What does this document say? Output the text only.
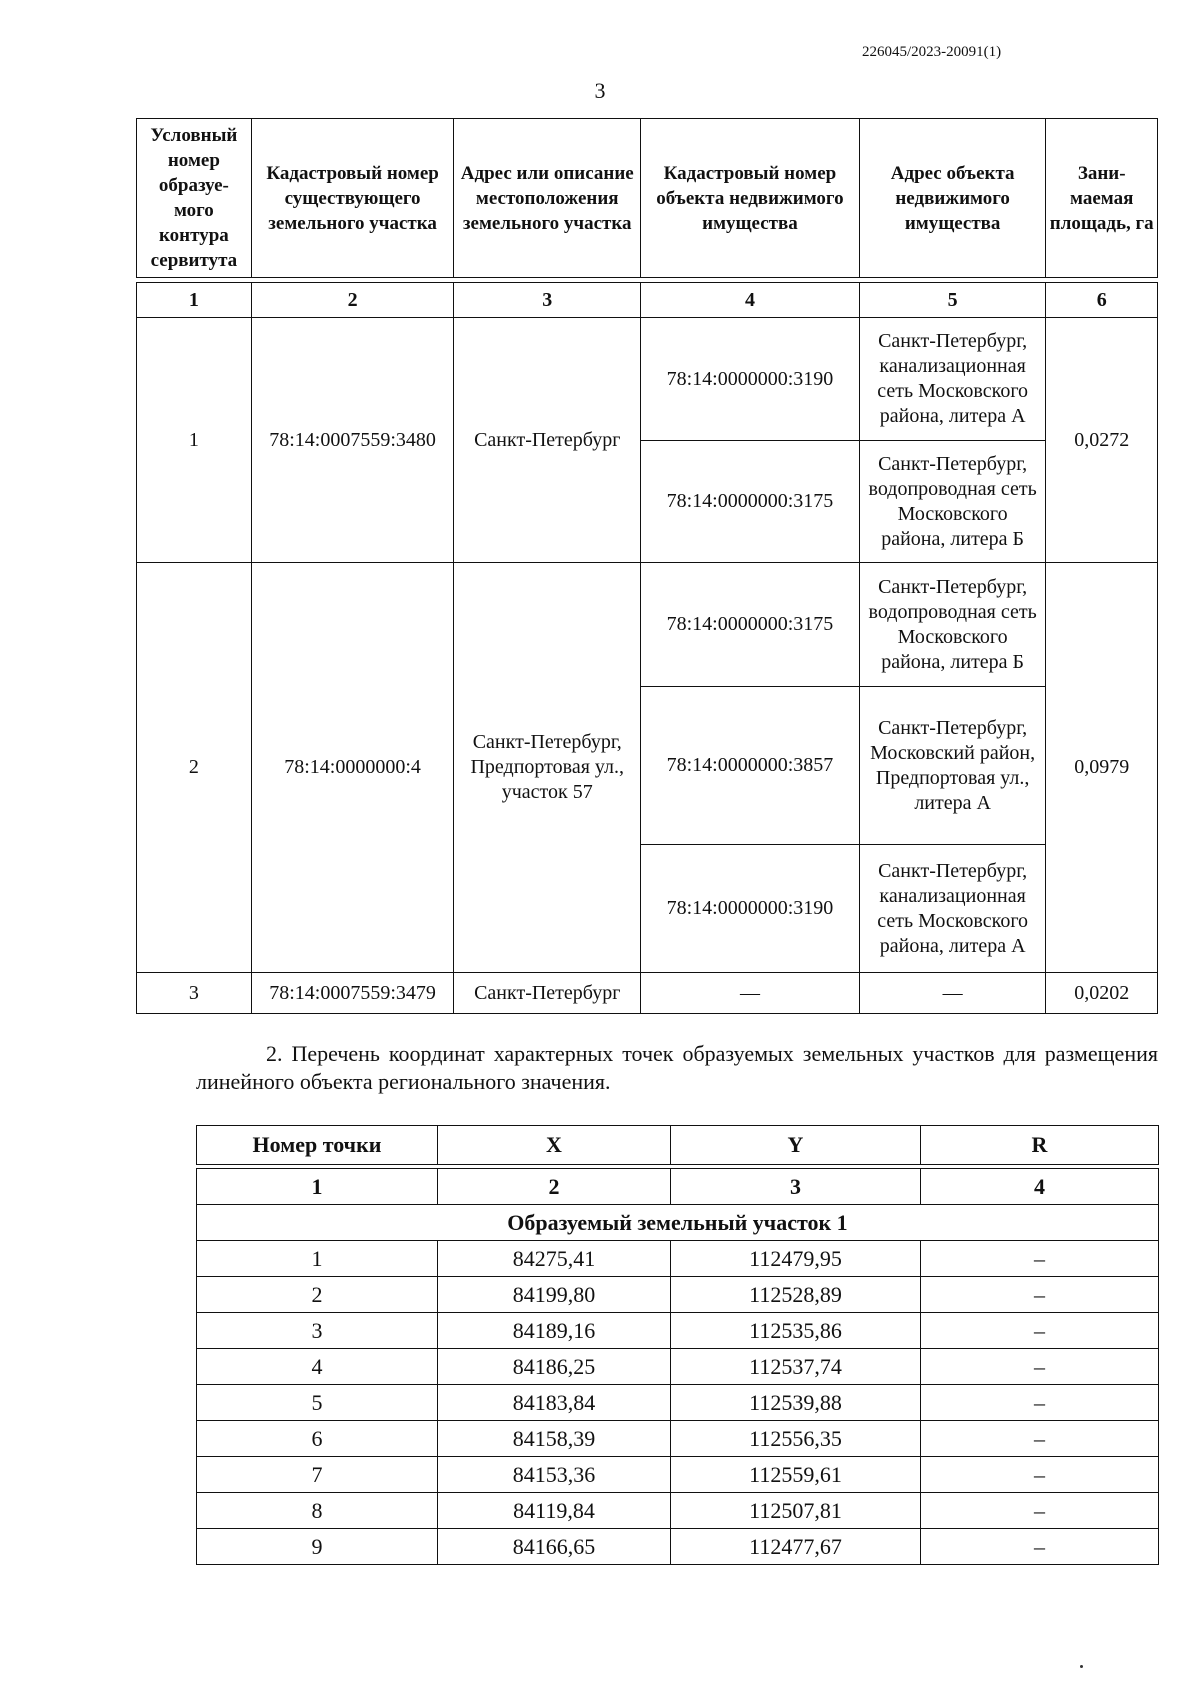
226045/2023-20091(1)
3
Условный номер образуе-мого контура сервитута	Кадастровый номер существующего земельного участка	Адрес или описание местоположения земельного участка	Кадастровый номер объекта недвижимого имущества	Адрес объекта недвижимого имущества	Зани-маемая площадь, га

1	2	3	4	5	6
1	78:14:0007559:3480	Санкт-Петербург	78:14:0000000:3190	Санкт-Петербург, канализационная сеть Московского района, литера А	0,0272
			78:14:0000000:3175	Санкт-Петербург, водопроводная сеть Московского района, литера Б	
2	78:14:0000000:4	Санкт-Петербург, Предпортовая ул., участок 57	78:14:0000000:3175	Санкт-Петербург, водопроводная сеть Московского района, литера Б	0,0979
			78:14:0000000:3857	Санкт-Петербург, Московский район, Предпортовая ул., литера А	
			78:14:0000000:3190	Санкт-Петербург, канализационная сеть Московского района, литера А	
3	78:14:0007559:3479	Санкт-Петербург	—	—	0,0202
2. Перечень координат характерных точек образуемых земельных участков для размещения линейного объекта регионального значения.
Номер точки	X	Y	R

1	2	3	4
Образуемый земельный участок 1			
1	84275,41	112479,95	–
2	84199,80	112528,89	–
3	84189,16	112535,86	–
4	84186,25	112537,74	–
5	84183,84	112539,88	–
6	84158,39	112556,35	–
7	84153,36	112559,61	–
8	84119,84	112507,81	–
9	84166,65	112477,67	–
